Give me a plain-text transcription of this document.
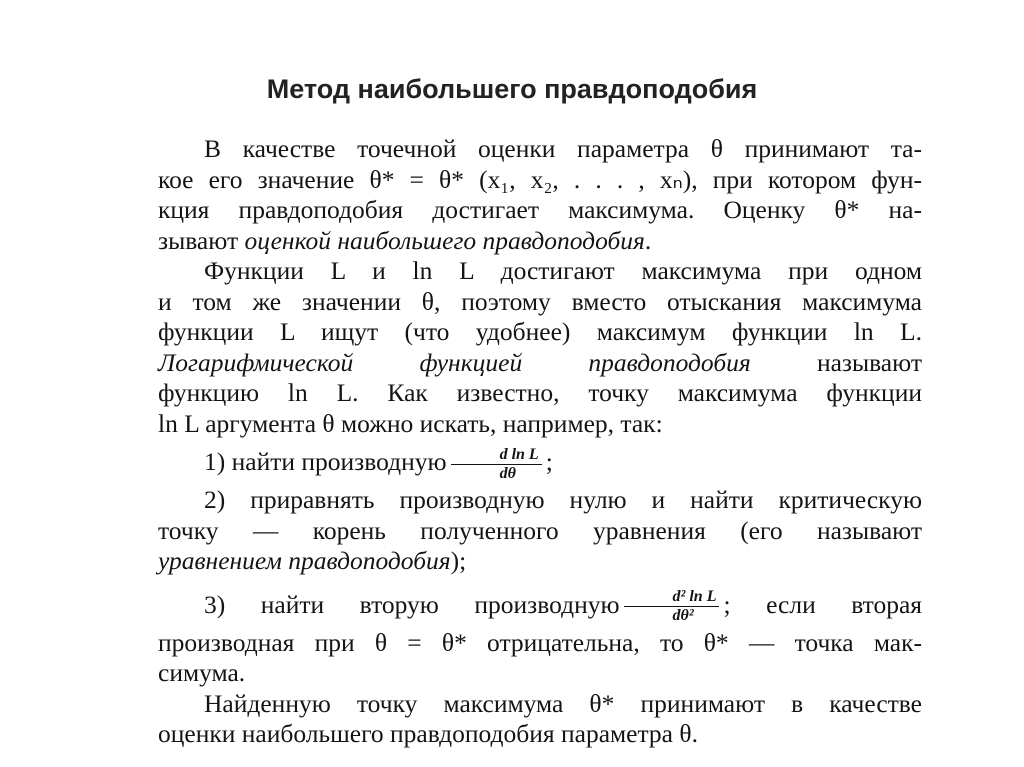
Метод наибольшего правдоподобия
В качестве точечной оценки параметра θ принимают та-
кое его значение θ* = θ* (x₁, x₂, . . . , xₙ), при котором фун-
кция правдоподобия достигает максимума. Оценку θ* на-
зывают оценкой наибольшего правдоподобия.
Функции L и ln L достигают максимума при одном
и том же значении θ, поэтому вместо отыскания максимума
функции L ищут (что удобнее) максимум функции ln L.
Логарифмической функцией правдоподобия называют
функцию ln L. Как известно, точку максимума функции
ln L аргумента θ можно искать, например, так:
1) найти производную $\frac{\text{d ln L}}{d\theta}$ ;
2) приравнять производную нулю и найти критическую
точку — корень полученного уравнения (его называют
уравнением правдоподобия);
3) найти вторую производную $\frac{\text{d² ln L}}{\text{dθ²}}$ ; если вторая
производная при θ = θ* отрицательна, то θ* — точка мак-
симума.
Найденную точку максимума θ* принимают в качестве
оценки наибольшего правдоподобия параметра θ.
